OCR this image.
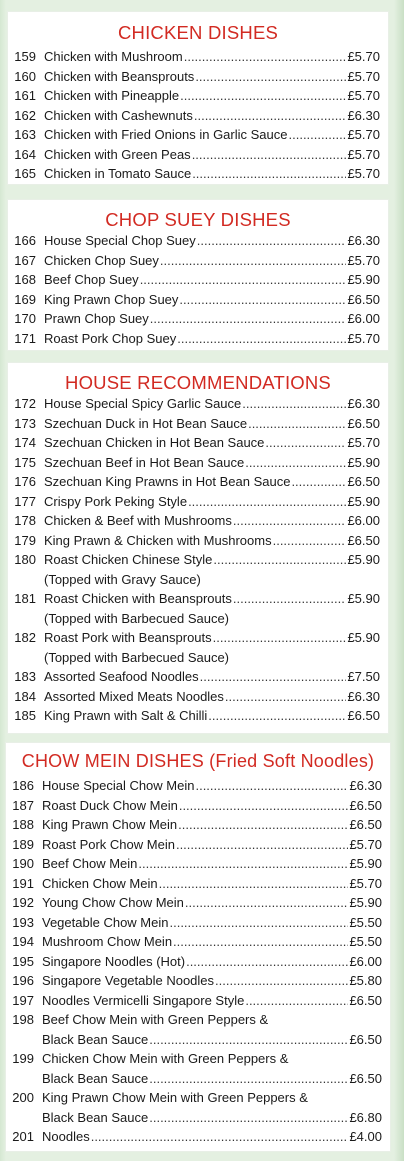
CHICKEN DISHES
159 Chicken with Mushroom .....	£5.70
160 Chicken with Beansprouts .....	£5.70
161 Chicken with Pineapple .....	£5.70
162 Chicken with Cashewnuts .....	£6.30
163 Chicken with Fried Onions in Garlic Sauce .....	£5.70
164 Chicken with Green Peas .....	£5.70
165 Chicken in Tomato Sauce .....	£5.70
CHOP SUEY DISHES
166 House Special Chop Suey .....	£6.30
167 Chicken Chop Suey .....	£5.70
168 Beef Chop Suey .....	£5.90
169 King Prawn Chop Suey .....	£6.50
170 Prawn Chop Suey .....	£6.00
171 Roast Pork Chop Suey .....	£5.70
HOUSE RECOMMENDATIONS
172 House Special Spicy Garlic Sauce .....	£6.30
173 Szechuan Duck in Hot Bean Sauce .....	£6.50
174 Szechuan Chicken in Hot Bean Sauce .....	£5.70
175 Szechuan Beef in Hot Bean Sauce .....	£5.90
176 Szechuan King Prawns in Hot Bean Sauce .....	£6.50
177 Crispy Pork Peking Style .....	£5.90
178 Chicken & Beef with Mushrooms .....	£6.00
179 King Prawn & Chicken with Mushrooms .....	£6.50
180 Roast Chicken Chinese Style .....	£5.90
(Topped with Gravy Sauce)
181 Roast Chicken with Beansprouts .....	£5.90
(Topped with Barbecued Sauce)
182 Roast Pork with Beansprouts .....	£5.90
(Topped with Barbecued Sauce)
183 Assorted Seafood Noodles .....	£7.50
184 Assorted Mixed Meats Noodles .....	£6.30
185 King Prawn with Salt & Chilli .....	£6.50
CHOW MEIN DISHES (Fried Soft Noodles)
186 House Special Chow Mein .....	£6.30
187 Roast Duck Chow Mein .....	£6.50
188 King Prawn Chow Mein .....	£6.50
189 Roast Pork Chow Mein .....	£5.70
190 Beef Chow Mein .....	£5.90
191 Chicken Chow Mein .....	£5.70
192 Young Chow Chow Mein .....	£5.90
193 Vegetable Chow Mein .....	£5.50
194 Mushroom Chow Mein .....	£5.50
195 Singapore Noodles (Hot) .....	£6.00
196 Singapore Vegetable Noodles .....	£5.80
197 Noodles Vermicelli Singapore Style .....	£6.50
198 Beef Chow Mein with Green Peppers &
Black Bean Sauce .....	£6.50
199 Chicken Chow Mein with Green Peppers &
Black Bean Sauce .....	£6.50
200 King Prawn Chow Mein with Green Peppers &
Black Bean Sauce .....	£6.80
201 Noodles .....	£4.00
